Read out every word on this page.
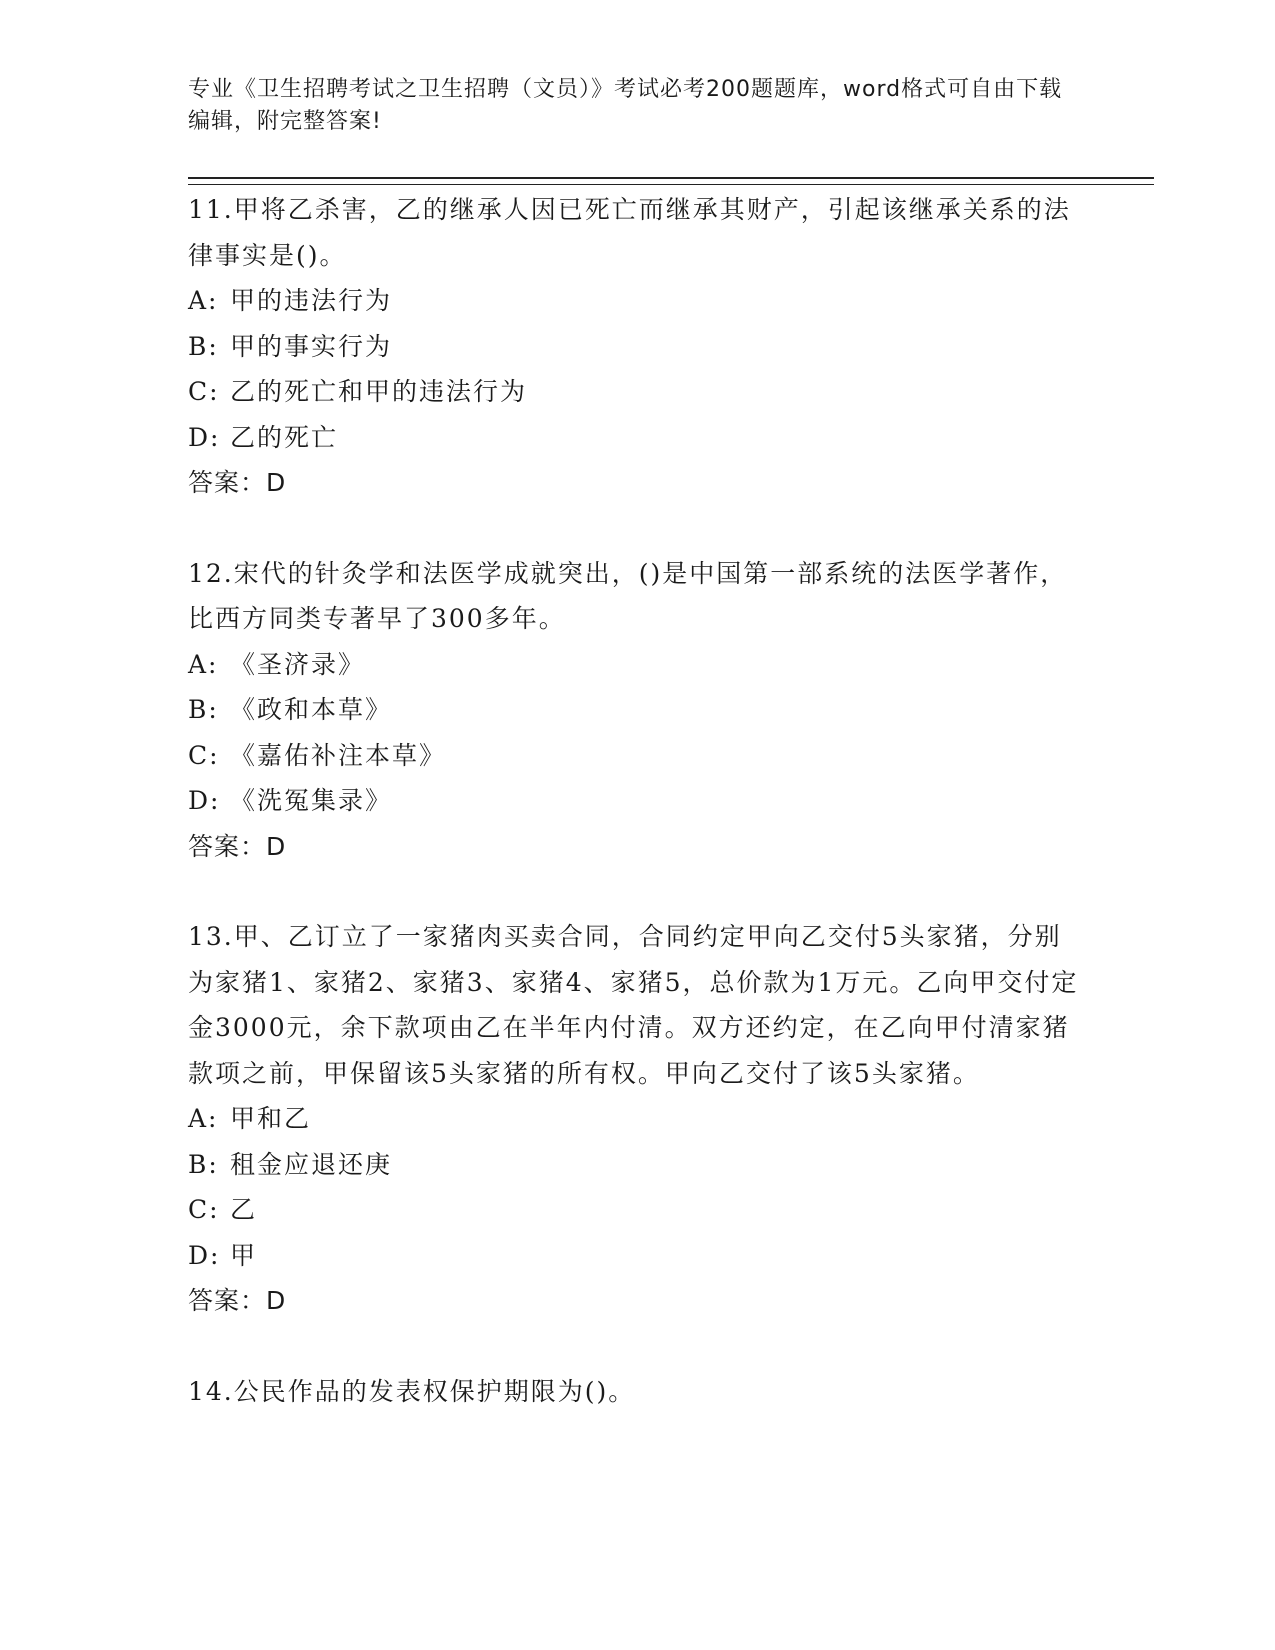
专业《卫生招聘考试之卫生招聘（文员）》考试必考200题题库，word格式可自由下载编辑，附完整答案!

11.甲将乙杀害，乙的继承人因已死亡而继承其财产，引起该继承关系的法律事实是()。

A: 甲的违法行为

B: 甲的事实行为

C: 乙的死亡和甲的违法行为

D: 乙的死亡

答案：D

12.宋代的针灸学和法医学成就突出，()是中国第一部系统的法医学著作，比西方同类专著早了300多年。

A: 《圣济录》

B: 《政和本草》

C: 《嘉佑补注本草》

D: 《洗冤集录》

答案：D

13.甲、乙订立了一家猪肉买卖合同，合同约定甲向乙交付5头家猪，分别为家猪1、家猪2、家猪3、家猪4、家猪5，总价款为1万元。乙向甲交付定金3000元，余下款项由乙在半年内付清。双方还约定，在乙向甲付清家猪款项之前，甲保留该5头家猪的所有权。甲向乙交付了该5头家猪。

A: 甲和乙

B: 租金应退还庚

C: 乙

D: 甲

答案：D

14.公民作品的发表权保护期限为()。
